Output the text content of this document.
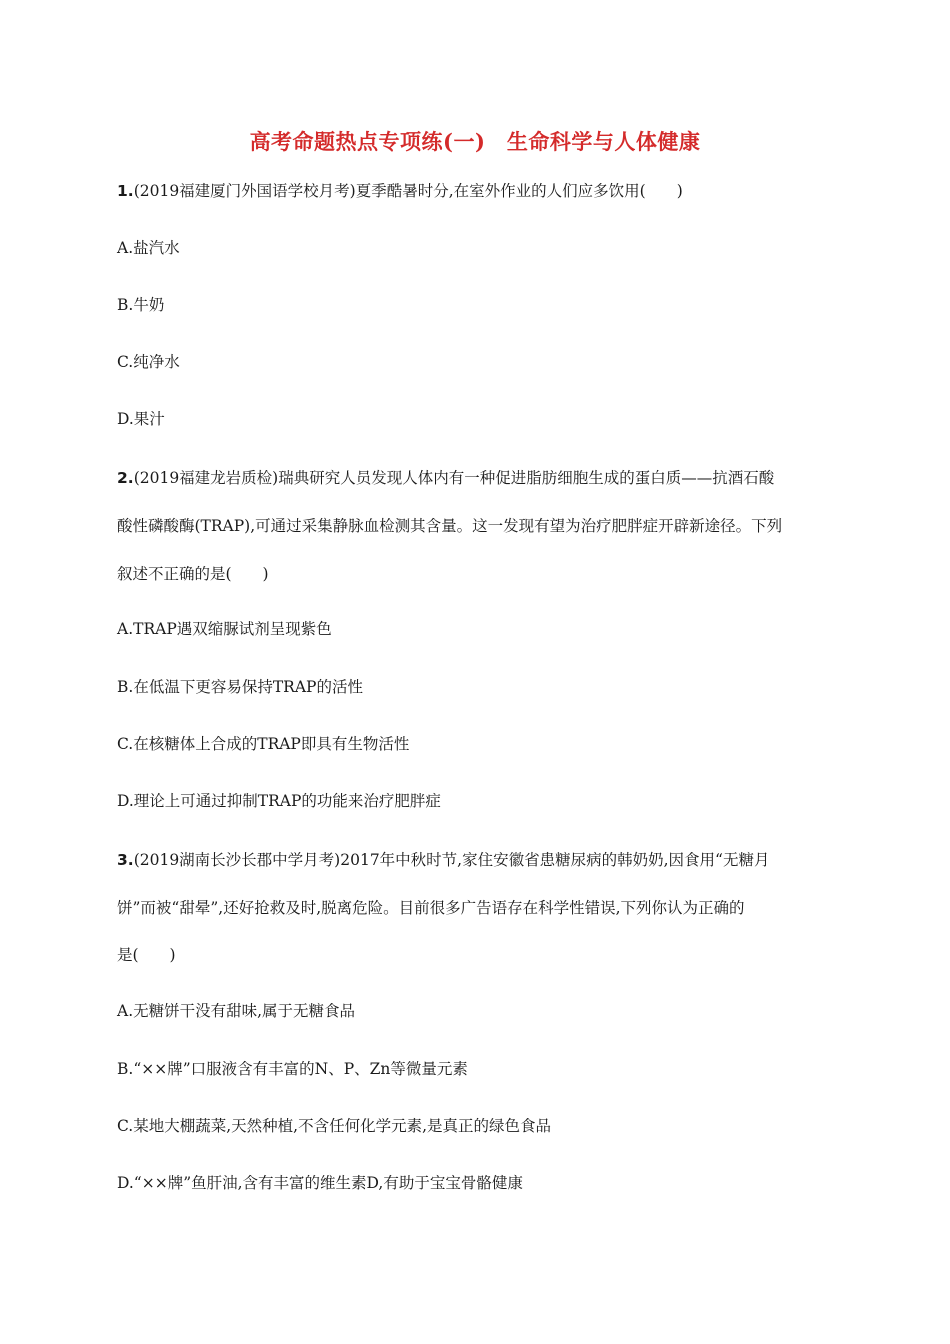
高考命题热点专项练(一)　生命科学与人体健康
1.(2019福建厦门外国语学校月考)夏季酷暑时分,在室外作业的人们应多饮用(　　)
A.盐汽水
B.牛奶
C.纯净水
D.果汁
2.(2019福建龙岩质检)瑞典研究人员发现人体内有一种促进脂肪细胞生成的蛋白质——抗酒石酸
酸性磷酸酶(TRAP),可通过采集静脉血检测其含量。这一发现有望为治疗肥胖症开辟新途径。下列
叙述不正确的是(　　)
A.TRAP遇双缩脲试剂呈现紫色
B.在低温下更容易保持TRAP的活性
C.在核糖体上合成的TRAP即具有生物活性
D.理论上可通过抑制TRAP的功能来治疗肥胖症
3.(2019湖南长沙长郡中学月考)2017年中秋时节,家住安徽省患糖尿病的韩奶奶,因食用“无糖月
饼”而被“甜晕”,还好抢救及时,脱离危险。目前很多广告语存在科学性错误,下列你认为正确的
是(　　)
A.无糖饼干没有甜味,属于无糖食品
B.“××牌”口服液含有丰富的N、P、Zn等微量元素
C.某地大棚蔬菜,天然种植,不含任何化学元素,是真正的绿色食品
D.“××牌”鱼肝油,含有丰富的维生素D,有助于宝宝骨骼健康
